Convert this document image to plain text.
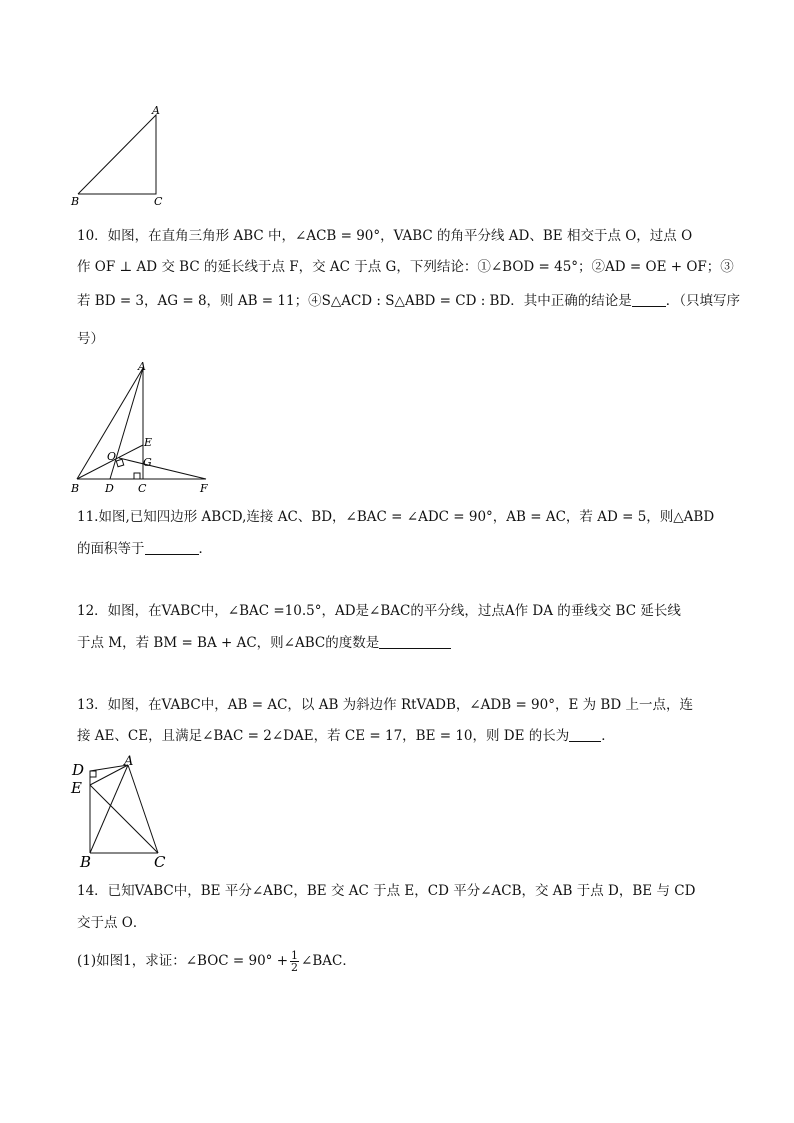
A
B	C
10．如图，在直角三角形 ABC 中，∠ACB = 90°，VABC 的角平分线 AD、BE 相交于点 O，过点 O
作 OF ⊥ AD 交 BC 的延长线于点 F，交 AC 于点 G，下列结论：①∠BOD = 45°；②AD = OE + OF；③
若 BD = 3，AG = 8，则 AB = 11；④S△ACD : S△ABD = CD : BD．其中正确的结论是	．（只填写序
号）
A
E
O G
B D C	F
11.如图,已知四边形 ABCD,连接 AC、BD，∠BAC = ∠ADC = 90°，AB = AC，若 AD = 5，则△ABD
的面积等于	．
12．如图，在VABC中，∠BAC =10.5°，AD是∠BAC的平分线，过点A作 DA 的垂线交 BC 延长线
于点 M，若 BM = BA + AC，则∠ABC的度数是
13．如图，在VABC中，AB = AC，以 AB 为斜边作 RtVADB，∠ADB = 90°，E 为 BD 上一点，连
接 AE、CE，且满足∠BAC = 2∠DAE，若 CE = 17，BE = 10，则 DE 的长为 ．
D	A
E
B	C
14．已知VABC中，BE 平分∠ABC，BE 交 AC 于点 E，CD 平分∠ACB，交 AB 于点 D，BE 与 CD
交于点 O．
(1)如图1，求证：∠BOC = $90^\circ + \frac{1}{2}$ ∠BAC．
